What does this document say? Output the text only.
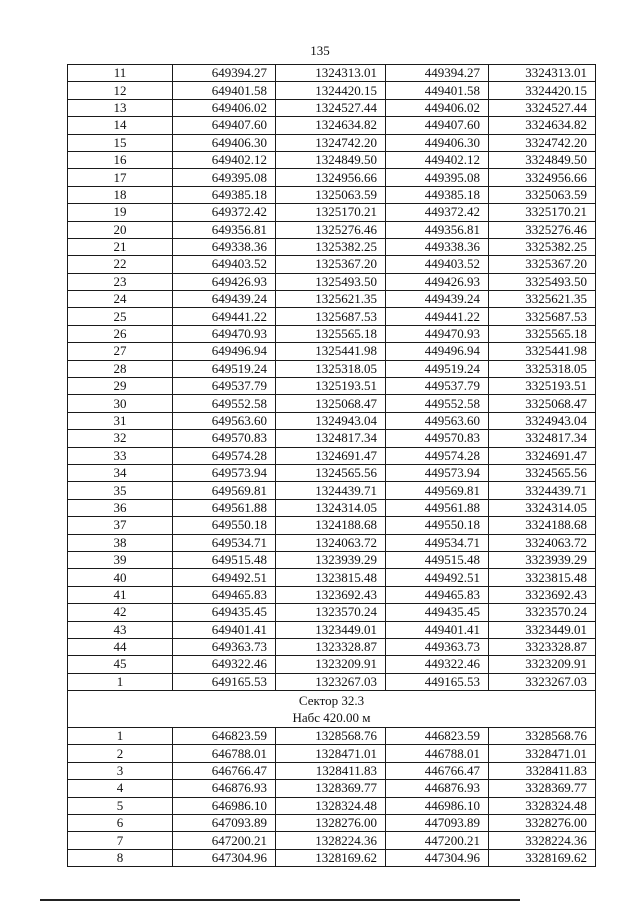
135
11	649394.27	1324313.01	449394.27	3324313.01
12	649401.58	1324420.15	449401.58	3324420.15
13	649406.02	1324527.44	449406.02	3324527.44
14	649407.60	1324634.82	449407.60	3324634.82
15	649406.30	1324742.20	449406.30	3324742.20
16	649402.12	1324849.50	449402.12	3324849.50
17	649395.08	1324956.66	449395.08	3324956.66
18	649385.18	1325063.59	449385.18	3325063.59
19	649372.42	1325170.21	449372.42	3325170.21
20	649356.81	1325276.46	449356.81	3325276.46
21	649338.36	1325382.25	449338.36	3325382.25
22	649403.52	1325367.20	449403.52	3325367.20
23	649426.93	1325493.50	449426.93	3325493.50
24	649439.24	1325621.35	449439.24	3325621.35
25	649441.22	1325687.53	449441.22	3325687.53
26	649470.93	1325565.18	449470.93	3325565.18
27	649496.94	1325441.98	449496.94	3325441.98
28	649519.24	1325318.05	449519.24	3325318.05
29	649537.79	1325193.51	449537.79	3325193.51
30	649552.58	1325068.47	449552.58	3325068.47
31	649563.60	1324943.04	449563.60	3324943.04
32	649570.83	1324817.34	449570.83	3324817.34
33	649574.28	1324691.47	449574.28	3324691.47
34	649573.94	1324565.56	449573.94	3324565.56
35	649569.81	1324439.71	449569.81	3324439.71
36	649561.88	1324314.05	449561.88	3324314.05
37	649550.18	1324188.68	449550.18	3324188.68
38	649534.71	1324063.72	449534.71	3324063.72
39	649515.48	1323939.29	449515.48	3323939.29
40	649492.51	1323815.48	449492.51	3323815.48
41	649465.83	1323692.43	449465.83	3323692.43
42	649435.45	1323570.24	449435.45	3323570.24
43	649401.41	1323449.01	449401.41	3323449.01
44	649363.73	1323328.87	449363.73	3323328.87
45	649322.46	1323209.91	449322.46	3323209.91
1	649165.53	1323267.03	449165.53	3323267.03

Сектор 32.3
Набс 420.00 м				

1	646823.59	1328568.76	446823.59	3328568.76
2	646788.01	1328471.01	446788.01	3328471.01
3	646766.47	1328411.83	446766.47	3328411.83
4	646876.93	1328369.77	446876.93	3328369.77
5	646986.10	1328324.48	446986.10	3328324.48
6	647093.89	1328276.00	447093.89	3328276.00
7	647200.21	1328224.36	447200.21	3328224.36
8	647304.96	1328169.62	447304.96	3328169.62
